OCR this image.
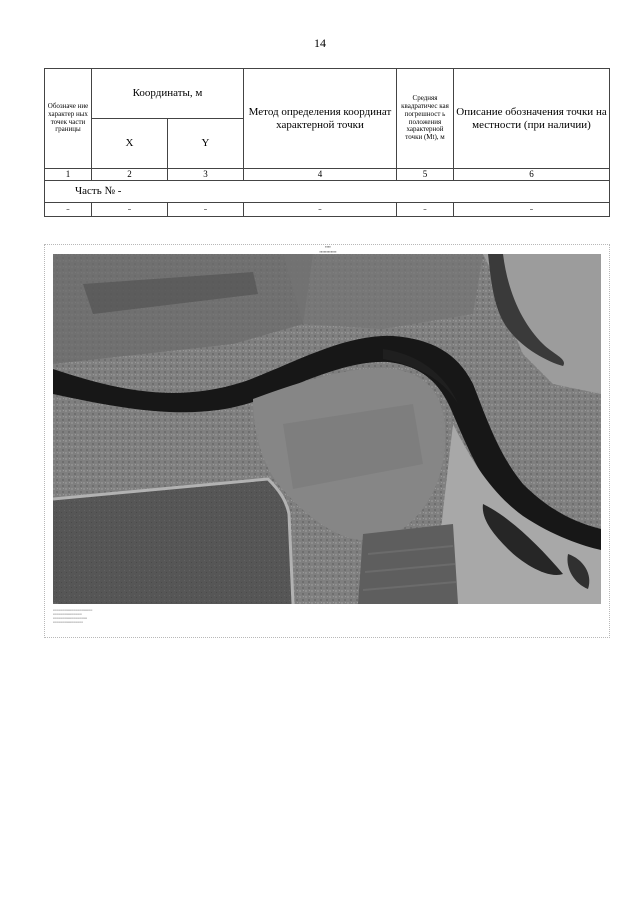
14
Обозначе ние характер ных точек части границы	Координаты, м		Метод определения координат характерной точки	Средняя квадратичес кая погрешност ь положения характерной точки (Mt), м	Описание обозначения точки на местности (при наличии)
	X	Y			
1	2	3	4	5	6
Часть № -					
-	-	-	-	-	-
▪▪▪▪
▪▪▪▪▪▪▪▪▪▪▪▪
▪▪▪▪▪
▪▪▪▪▪▪▪▪▪▪▪▪▪▪▪▪▪▪▪▪▪▪▪▪▪▪▪▪▪▪▪▪▪▪▪▪▪
▪▪▪▪▪▪▪▪▪▪▪▪▪▪▪▪▪▪▪▪▪▪▪▪▪▪▪
▪▪▪▪▪▪▪▪▪▪▪▪▪▪▪▪▪▪▪▪▪▪▪▪▪▪▪▪▪▪▪▪
▪▪▪▪▪▪▪▪▪▪▪▪▪▪▪▪▪▪▪▪▪▪▪▪▪▪▪▪
